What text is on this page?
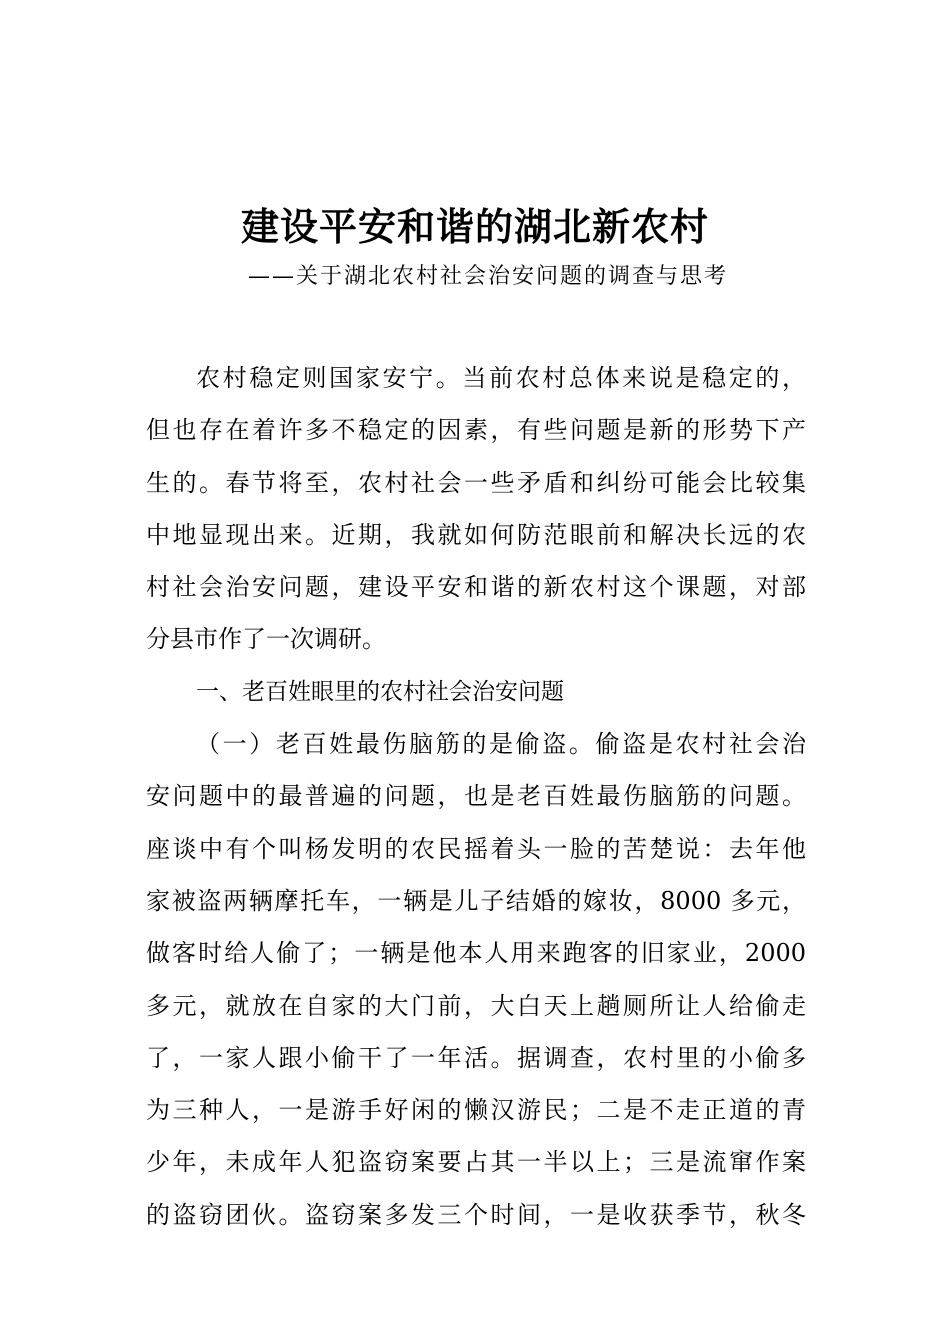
建设平安和谐的湖北新农村
——关于湖北农村社会治安问题的调查与思考
农村稳定则国家安宁。当前农村总体来说是稳定的，
但也存在着许多不稳定的因素，有些问题是新的形势下产
生的。春节将至，农村社会一些矛盾和纠纷可能会比较集
中地显现出来。近期，我就如何防范眼前和解决长远的农
村社会治安问题，建设平安和谐的新农村这个课题，对部
分县市作了一次调研。
一、老百姓眼里的农村社会治安问题
（一）老百姓最伤脑筋的是偷盗。偷盗是农村社会治
安问题中的最普遍的问题，也是老百姓最伤脑筋的问题。
座谈中有个叫杨发明的农民摇着头一脸的苦楚说：去年他
家被盗两辆摩托车，一辆是儿子结婚的嫁妆，8000 多元，
做客时给人偷了；一辆是他本人用来跑客的旧家业，2000
多元，就放在自家的大门前，大白天上趟厕所让人给偷走
了，一家人跟小偷干了一年活。据调查，农村里的小偷多
为三种人，一是游手好闲的懒汉游民；二是不走正道的青
少年，未成年人犯盗窃案要占其一半以上；三是流窜作案
的盗窃团伙。盗窃案多发三个时间，一是收获季节，秋冬
